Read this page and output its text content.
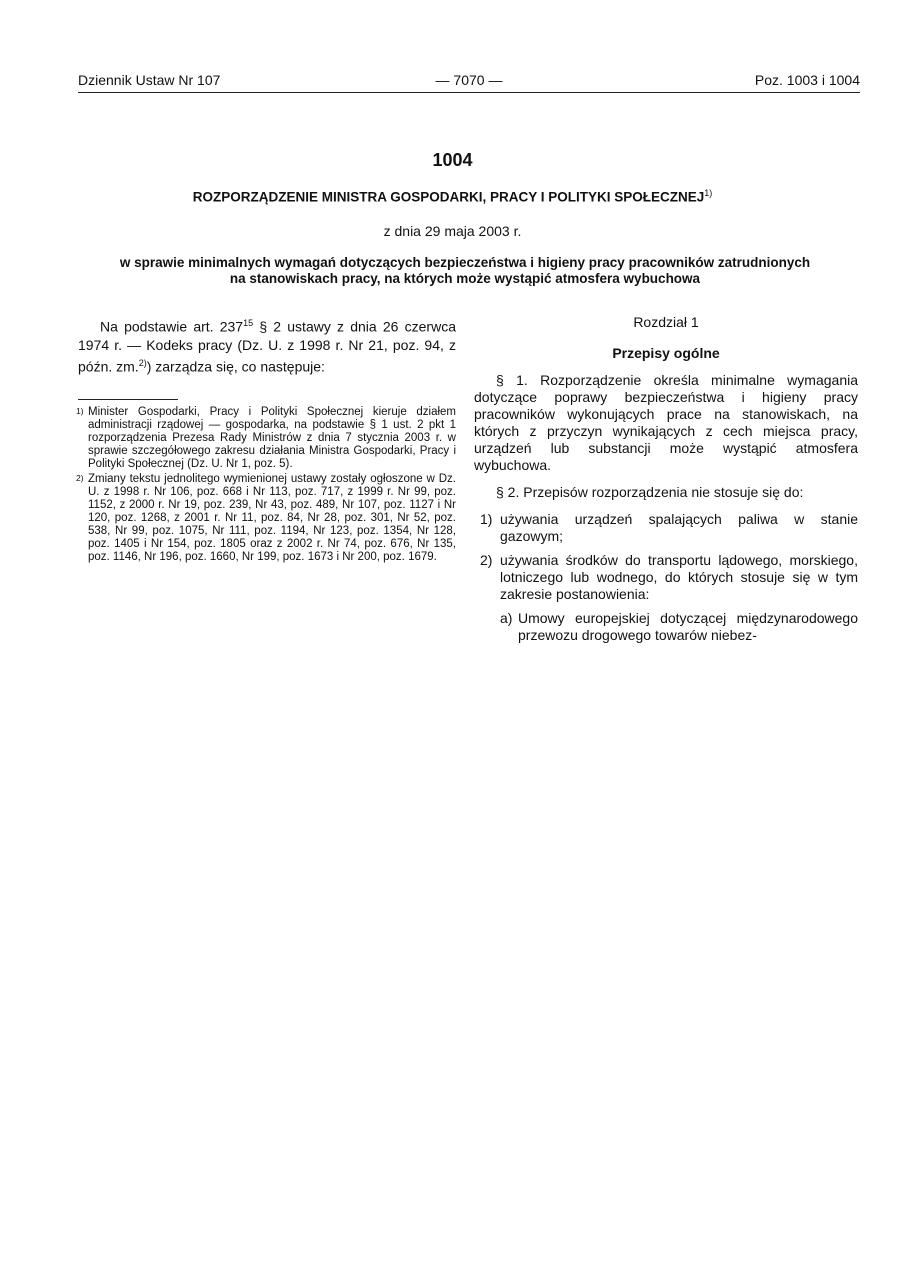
Dziennik Ustaw Nr 107	— 7070 —	Poz. 1003 i 1004
1004
ROZPORZĄDZENIE MINISTRA GOSPODARKI, PRACY I POLITYKI SPOŁECZNEJ$^{1)}$
z dnia 29 maja 2003 r.
w sprawie minimalnych wymagań dotyczących bezpieczeństwa i higieny pracy pracowników zatrudnionych
na stanowiskach pracy, na których może wystąpić atmosfera wybuchowa

Na podstawie art. $237^{15}$ § 2 ustawy z dnia 26 czerwca 1974 r. — Kodeks pracy (Dz. U. z 1998 r. Nr 21, poz. 94, z późn. zm.$^{2)}$) zarządza się, co następuje:

1) Minister Gospodarki, Pracy i Polityki Społecznej kieruje działem administracji rządowej — gospodarka, na podstawie § 1 ust. 2 pkt 1 rozporządzenia Prezesa Rady Ministrów z dnia 7 stycznia 2003 r. w sprawie szczegółowego zakresu działania Ministra Gospodarki, Pracy i Polityki Społecznej (Dz. U. Nr 1, poz. 5).

2) Zmiany tekstu jednolitego wymienionej ustawy zostały ogłoszone w Dz. U. z 1998 r. Nr 106, poz. 668 i Nr 113, poz. 717, z 1999 r. Nr 99, poz. 1152, z 2000 r. Nr 19, poz. 239, Nr 43, poz. 489, Nr 107, poz. 1127 i Nr 120, poz. 1268, z 2001 r. Nr 11, poz. 84, Nr 28, poz. 301, Nr 52, poz. 538, Nr 99, poz. 1075, Nr 111, poz. 1194, Nr 123, poz. 1354, Nr 128, poz. 1405 i Nr 154, poz. 1805 oraz z 2002 r. Nr 74, poz. 676, Nr 135, poz. 1146, Nr 196, poz. 1660, Nr 199, poz. 1673 i Nr 200, poz. 1679.

Rozdział 1

Przepisy ogólne

§ 1. Rozporządzenie określa minimalne wymagania dotyczące poprawy bezpieczeństwa i higieny pracy pracowników wykonujących prace na stanowiskach, na których z przyczyn wynikających z cech miejsca pracy, urządzeń lub substancji może wystąpić atmosfera wybuchowa.

§ 2. Przepisów rozporządzenia nie stosuje się do:

1) używania urządzeń spalających paliwa w stanie gazowym;

2) używania środków do transportu lądowego, morskiego, lotniczego lub wodnego, do których stosuje się w tym zakresie postanowienia:

a) Umowy europejskiej dotyczącej międzynarodowego przewozu drogowego towarów niebez-
